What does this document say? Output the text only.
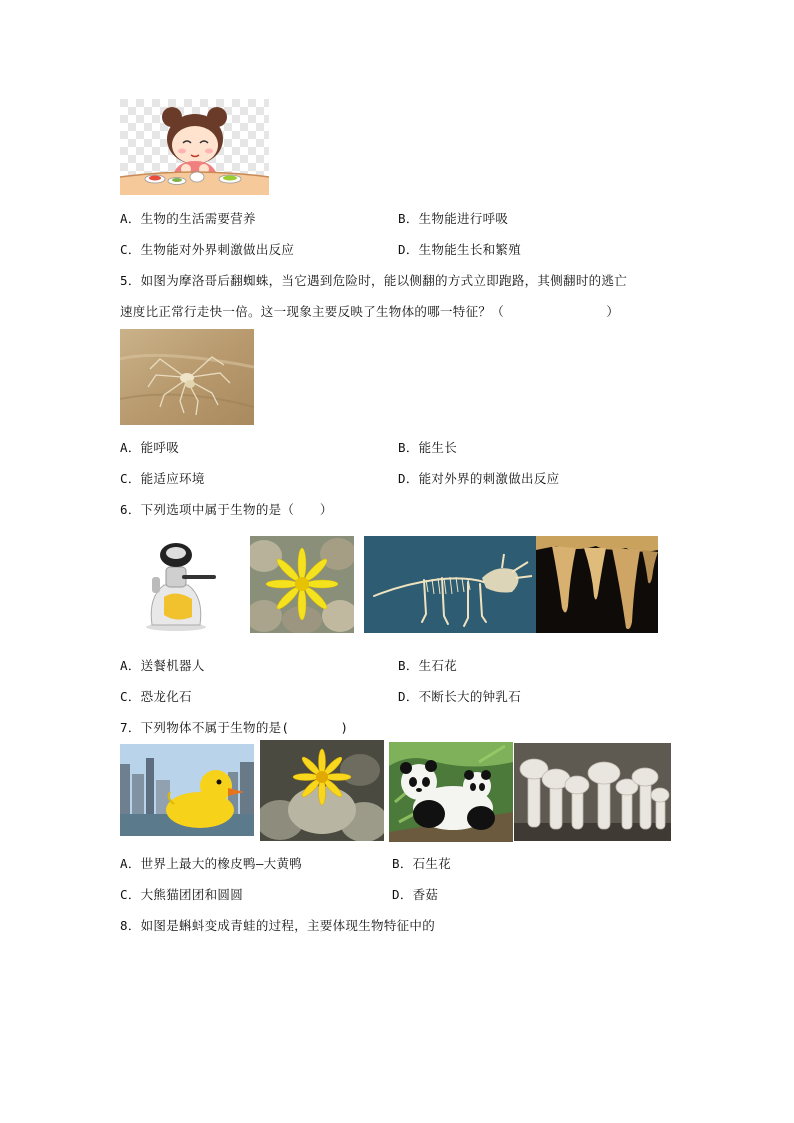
A．生物的生活需要营养	B．生物能进行呼吸
C．生物能对外界刺激做出反应	D．生物能生长和繁殖
5．如图为摩洛哥后翻蜘蛛，当它遇到危险时，能以侧翻的方式立即跑路，其侧翻时的逃亡
速度比正常行走快一倍。这一现象主要反映了生物体的哪一特征？（　　　　　　　　）
A．能呼吸	B．能生长
C．能适应环境	D．能对外界的刺激做出反应
6．下列选项中属于生物的是（　　）
A．送餐机器人	B．生石花
C．恐龙化石	D．不断长大的钟乳石
7．下列物体不属于生物的是(　　　　)
A．世界上最大的橡皮鸭—大黄鸭	B．石生花
C．大熊猫团团和圆圆	D．香菇
8．如图是蝌蚪变成青蛙的过程，主要体现生物特征中的
